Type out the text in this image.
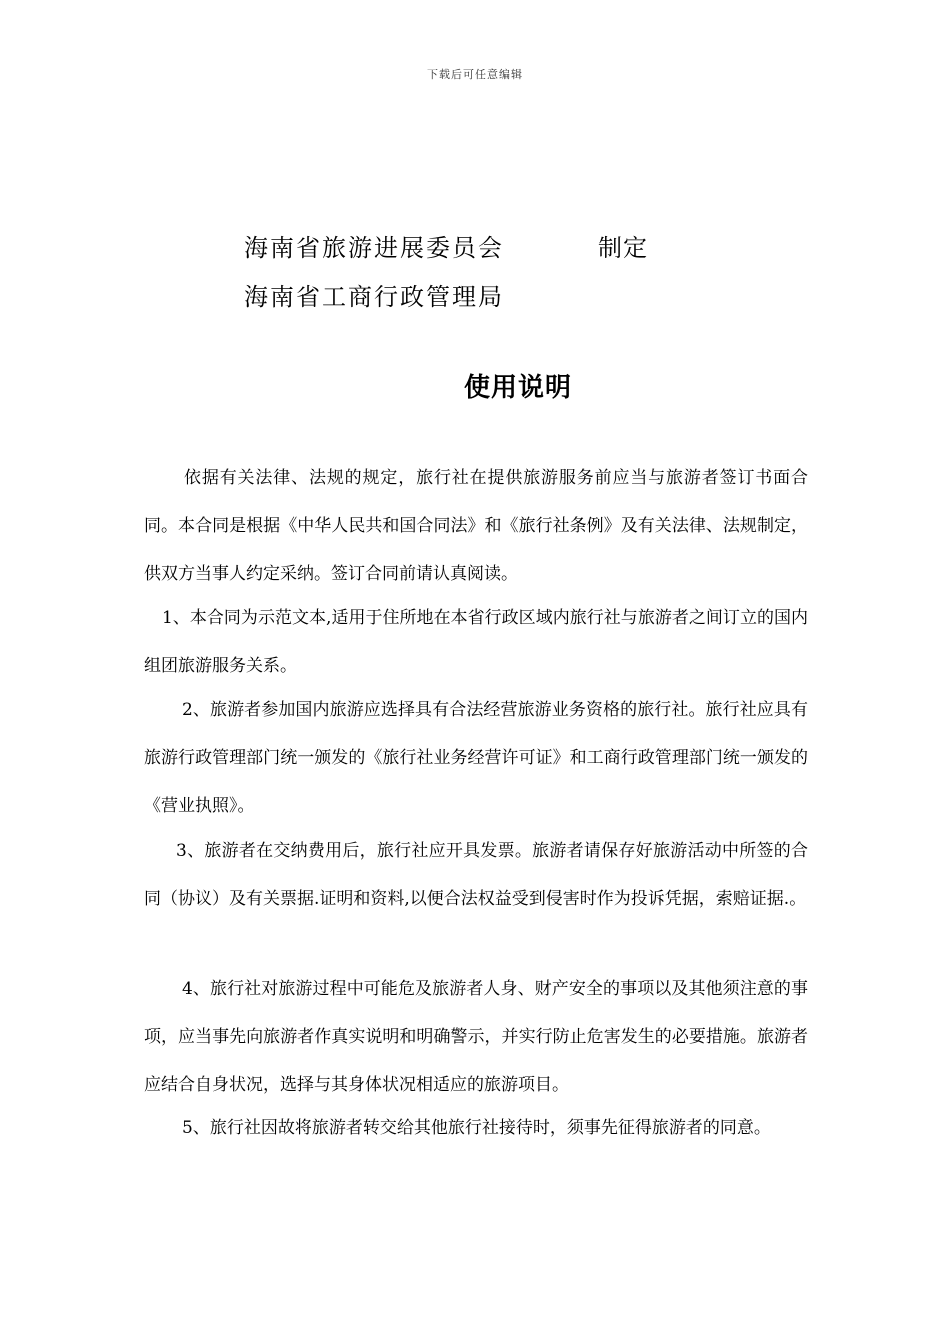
下载后可任意编辑
海南省旅游进展委员会	制定
海南省工商行政管理局
使用说明

依据有关法律、法规的规定，旅行社在提供旅游服务前应当与旅游者签订书面合同。本合同是根据《中华人民共和国合同法》和《旅行社条例》及有关法律、法规制定，供双方当事人约定采纳。签订合同前请认真阅读。

1、本合同为示范文本,适用于住所地在本省行政区域内旅行社与旅游者之间订立的国内组团旅游服务关系。

2、旅游者参加国内旅游应选择具有合法经营旅游业务资格的旅行社。旅行社应具有旅游行政管理部门统一颁发的《旅行社业务经营许可证》和工商行政管理部门统一颁发的《营业执照》。

3、旅游者在交纳费用后，旅行社应开具发票。旅游者请保存好旅游活动中所签的合同（协议）及有关票据.证明和资料,以便合法权益受到侵害时作为投诉凭据，索赔证据.。

4、旅行社对旅游过程中可能危及旅游者人身、财产安全的事项以及其他须注意的事项，应当事先向旅游者作真实说明和明确警示，并实行防止危害发生的必要措施。旅游者应结合自身状况，选择与其身体状况相适应的旅游项目。

5、旅行社因故将旅游者转交给其他旅行社接待时，须事先征得旅游者的同意。
